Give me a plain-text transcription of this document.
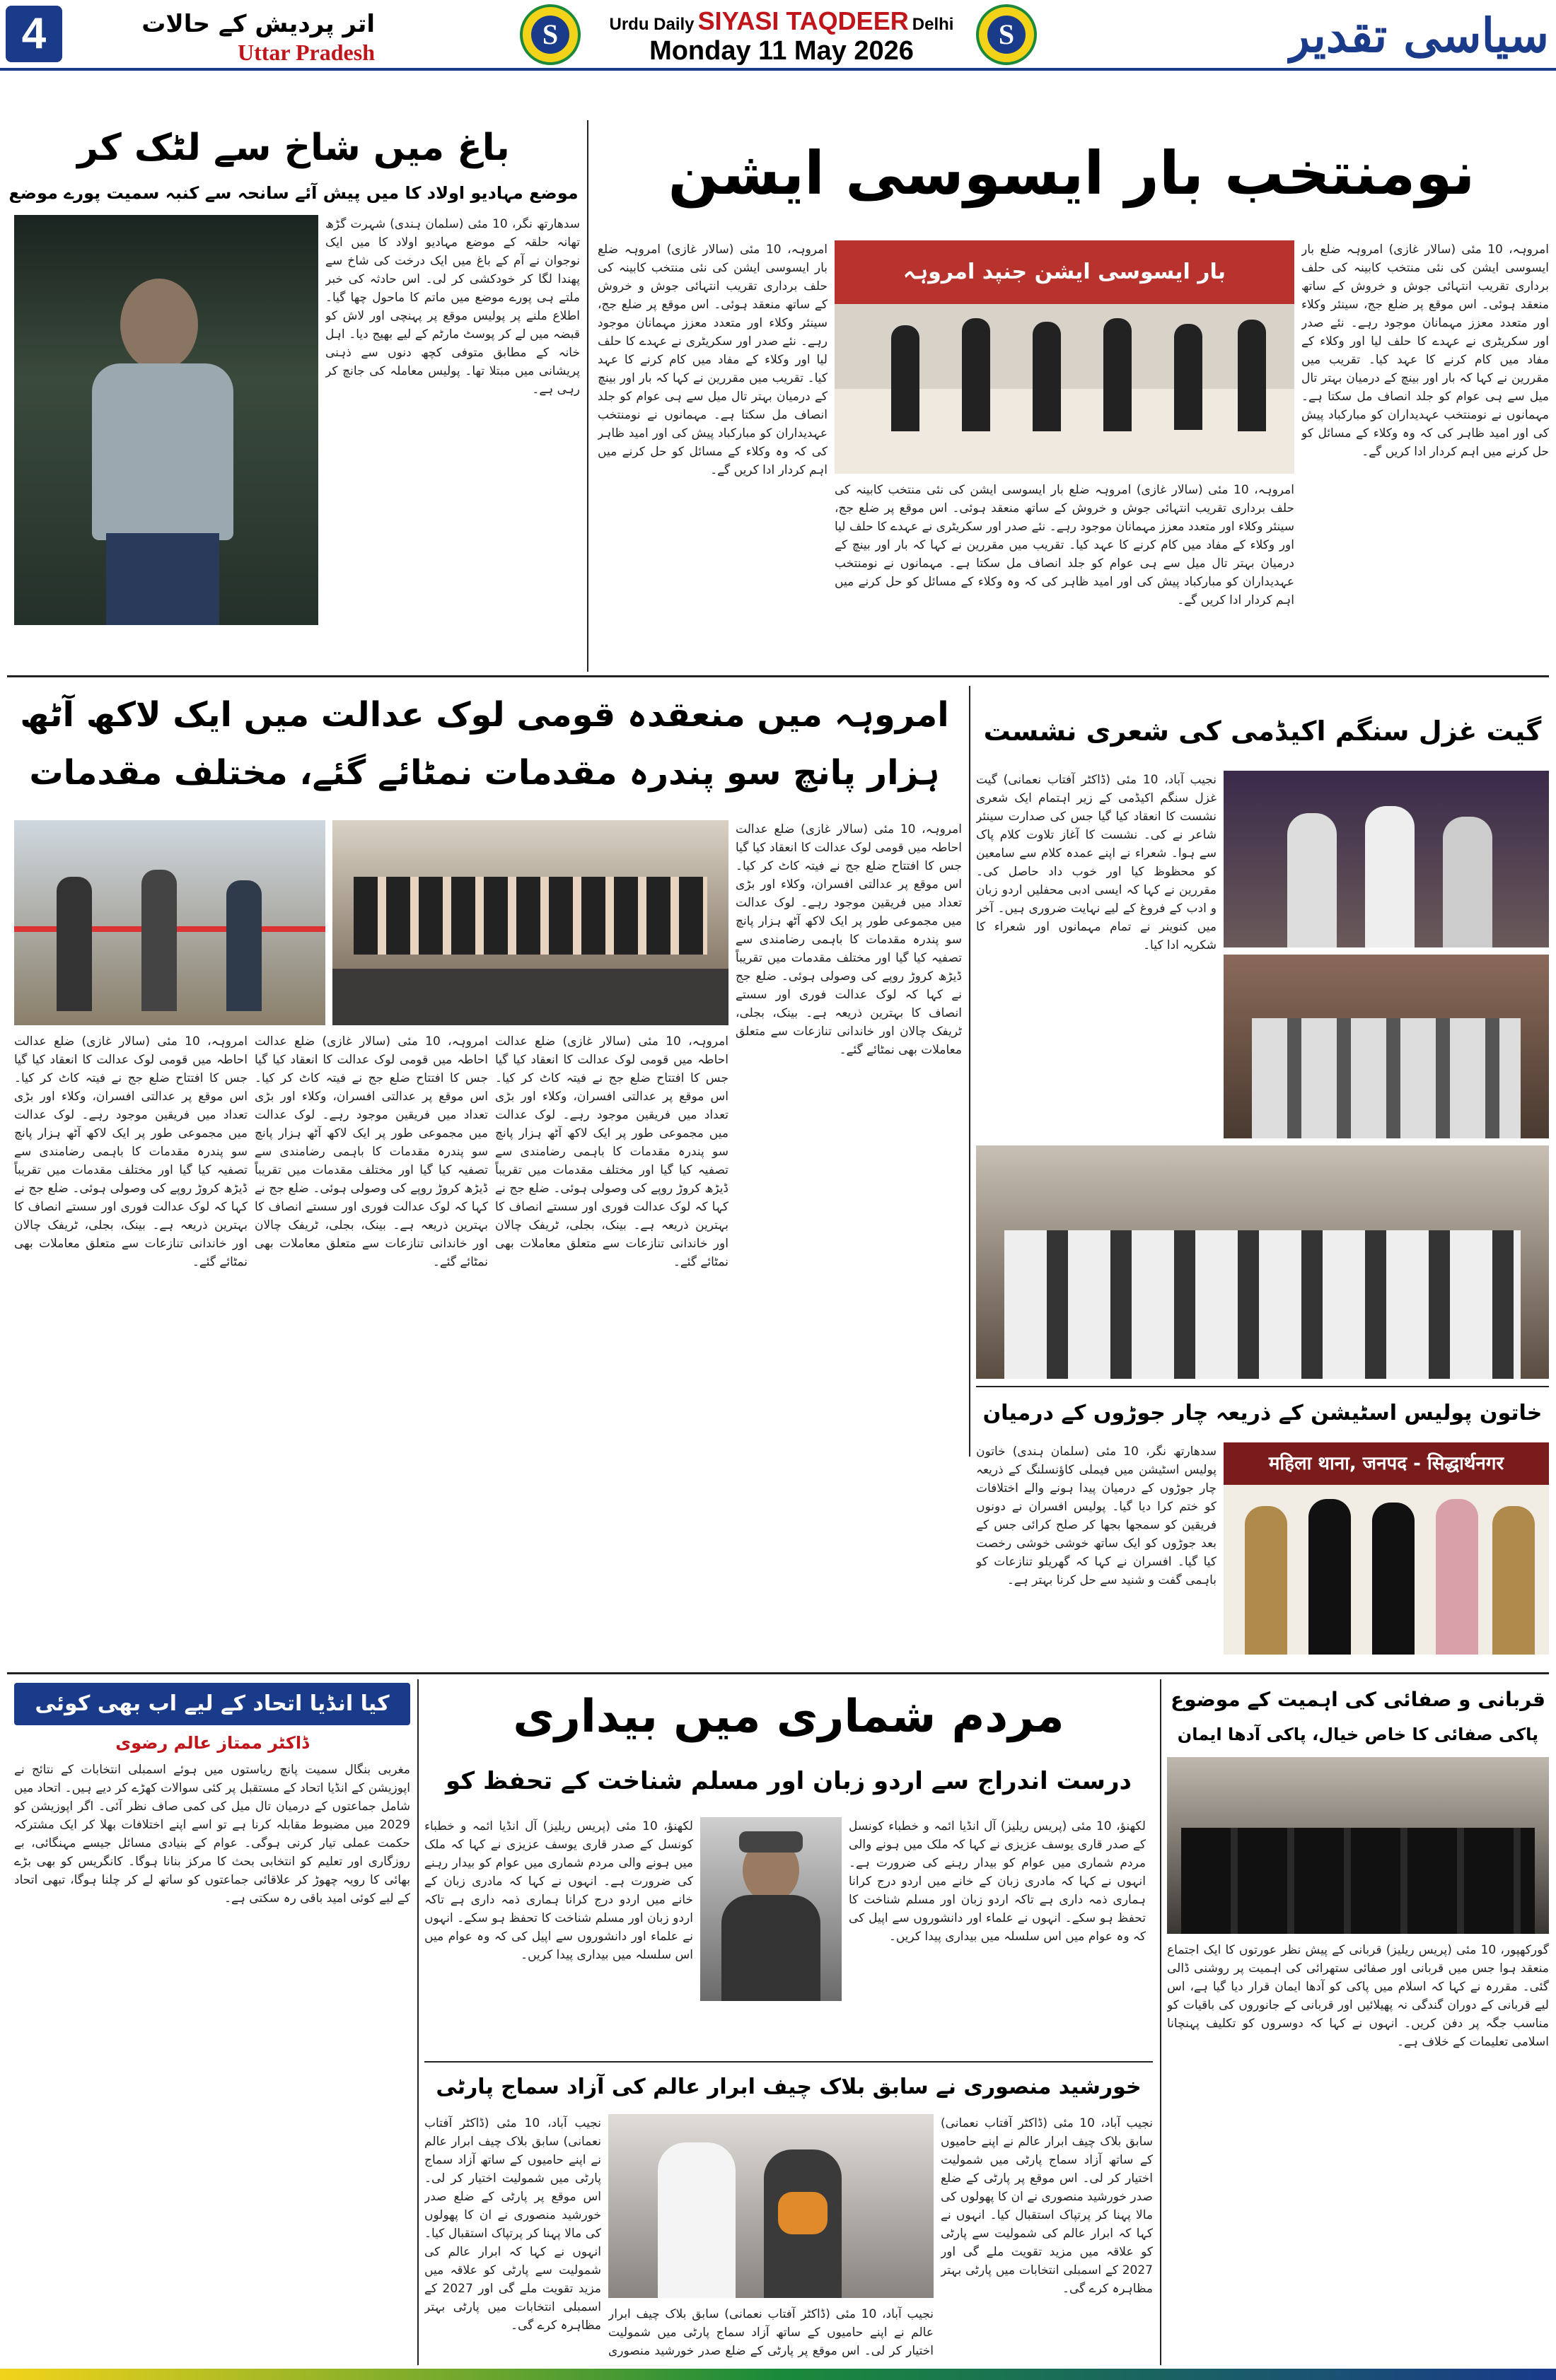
4	اتر پردیش کے حالات
Uttar Pradesh
S	S
Urdu Daily SIYASI TAQDEER Delhi
Monday 11 May 2026	سیاسی تقدیر
نومنتخب بار ایسوسی ایشن
باغ میں شاخ سے لٹک کر
موضع مہادیو اولاد کا میں پیش آئے سانحہ سے کنبہ سمیت پورے موضع
سدھارتھ نگر، 10 مئی (سلمان ہندی) شہرت گڑھ تھانہ حلقہ کے موضع مہادیو اولاد کا میں ایک نوجوان نے آم کے باغ میں ایک درخت کی شاخ سے پھندا لگا کر خودکشی کر لی۔ اس حادثہ کی خبر ملتے ہی پورے موضع میں ماتم کا ماحول چھا گیا۔ اطلاع ملنے پر پولیس موقع پر پہنچی اور لاش کو قبضہ میں لے کر پوسٹ مارٹم کے لیے بھیج دیا۔ اہل خانہ کے مطابق متوفی کچھ دنوں سے ذہنی پریشانی میں مبتلا تھا۔ پولیس معاملہ کی جانچ کر رہی ہے۔
امروہہ، 10 مئی (سالار غازی) امروہہ ضلع بار ایسوسی ایشن کی نئی منتخب کابینہ کی حلف برداری تقریب انتہائی جوش و خروش کے ساتھ منعقد ہوئی۔ اس موقع پر ضلع جج، سینئر وکلاء اور متعدد معزز مہمانان موجود رہے۔ نئے صدر اور سکریٹری نے عہدے کا حلف لیا اور وکلاء کے مفاد میں کام کرنے کا عہد کیا۔ تقریب میں مقررین نے کہا کہ بار اور بینچ کے درمیان بہتر تال میل سے ہی عوام کو جلد انصاف مل سکتا ہے۔ مہمانوں نے نومنتخب عہدیداران کو مبارکباد پیش کی اور امید ظاہر کی کہ وہ وکلاء کے مسائل کو حل کرنے میں اہم کردار ادا کریں گے۔
بار ایسوسی ایشن جنپد امروہہ
امروہہ، 10 مئی (سالار غازی) امروہہ ضلع بار ایسوسی ایشن کی نئی منتخب کابینہ کی حلف برداری تقریب انتہائی جوش و خروش کے ساتھ منعقد ہوئی۔ اس موقع پر ضلع جج، سینئر وکلاء اور متعدد معزز مہمانان موجود رہے۔ نئے صدر اور سکریٹری نے عہدے کا حلف لیا اور وکلاء کے مفاد میں کام کرنے کا عہد کیا۔ تقریب میں مقررین نے کہا کہ بار اور بینچ کے درمیان بہتر تال میل سے ہی عوام کو جلد انصاف مل سکتا ہے۔ مہمانوں نے نومنتخب عہدیداران کو مبارکباد پیش کی اور امید ظاہر کی کہ وہ وکلاء کے مسائل کو حل کرنے میں اہم کردار ادا کریں گے۔
امروہہ، 10 مئی (سالار غازی) امروہہ ضلع بار ایسوسی ایشن کی نئی منتخب کابینہ کی حلف برداری تقریب انتہائی جوش و خروش کے ساتھ منعقد ہوئی۔ اس موقع پر ضلع جج، سینئر وکلاء اور متعدد معزز مہمانان موجود رہے۔ نئے صدر اور سکریٹری نے عہدے کا حلف لیا اور وکلاء کے مفاد میں کام کرنے کا عہد کیا۔ تقریب میں مقررین نے کہا کہ بار اور بینچ کے درمیان بہتر تال میل سے ہی عوام کو جلد انصاف مل سکتا ہے۔ مہمانوں نے نومنتخب عہدیداران کو مبارکباد پیش کی اور امید ظاہر کی کہ وہ وکلاء کے مسائل کو حل کرنے میں اہم کردار ادا کریں گے۔
امروہہ میں منعقدہ قومی لوک عدالت میں ایک لاکھ آٹھ ہزار پانچ سو پندرہ مقدمات نمٹائے گئے، مختلف مقدمات
امروہہ، 10 مئی (سالار غازی) ضلع عدالت احاطہ میں قومی لوک عدالت کا انعقاد کیا گیا جس کا افتتاح ضلع جج نے فیتہ کاٹ کر کیا۔ اس موقع پر عدالتی افسران، وکلاء اور بڑی تعداد میں فریقین موجود رہے۔ لوک عدالت میں مجموعی طور پر ایک لاکھ آٹھ ہزار پانچ سو پندرہ مقدمات کا باہمی رضامندی سے تصفیہ کیا گیا اور مختلف مقدمات میں تقریباً ڈیڑھ کروڑ روپے کی وصولی ہوئی۔ ضلع جج نے کہا کہ لوک عدالت فوری اور سستے انصاف کا بہترین ذریعہ ہے۔ بینک، بجلی، ٹریفک چالان اور خاندانی تنازعات سے متعلق معاملات بھی نمٹائے گئے۔
امروہہ، 10 مئی (سالار غازی) ضلع عدالت احاطہ میں قومی لوک عدالت کا انعقاد کیا گیا جس کا افتتاح ضلع جج نے فیتہ کاٹ کر کیا۔ اس موقع پر عدالتی افسران، وکلاء اور بڑی تعداد میں فریقین موجود رہے۔ لوک عدالت میں مجموعی طور پر ایک لاکھ آٹھ ہزار پانچ سو پندرہ مقدمات کا باہمی رضامندی سے تصفیہ کیا گیا اور مختلف مقدمات میں تقریباً ڈیڑھ کروڑ روپے کی وصولی ہوئی۔ ضلع جج نے کہا کہ لوک عدالت فوری اور سستے انصاف کا بہترین ذریعہ ہے۔ بینک، بجلی، ٹریفک چالان اور خاندانی تنازعات سے متعلق معاملات بھی نمٹائے گئے۔
امروہہ، 10 مئی (سالار غازی) ضلع عدالت احاطہ میں قومی لوک عدالت کا انعقاد کیا گیا جس کا افتتاح ضلع جج نے فیتہ کاٹ کر کیا۔ اس موقع پر عدالتی افسران، وکلاء اور بڑی تعداد میں فریقین موجود رہے۔ لوک عدالت میں مجموعی طور پر ایک لاکھ آٹھ ہزار پانچ سو پندرہ مقدمات کا باہمی رضامندی سے تصفیہ کیا گیا اور مختلف مقدمات میں تقریباً ڈیڑھ کروڑ روپے کی وصولی ہوئی۔ ضلع جج نے کہا کہ لوک عدالت فوری اور سستے انصاف کا بہترین ذریعہ ہے۔ بینک، بجلی، ٹریفک چالان اور خاندانی تنازعات سے متعلق معاملات بھی نمٹائے گئے۔
امروہہ، 10 مئی (سالار غازی) ضلع عدالت احاطہ میں قومی لوک عدالت کا انعقاد کیا گیا جس کا افتتاح ضلع جج نے فیتہ کاٹ کر کیا۔ اس موقع پر عدالتی افسران، وکلاء اور بڑی تعداد میں فریقین موجود رہے۔ لوک عدالت میں مجموعی طور پر ایک لاکھ آٹھ ہزار پانچ سو پندرہ مقدمات کا باہمی رضامندی سے تصفیہ کیا گیا اور مختلف مقدمات میں تقریباً ڈیڑھ کروڑ روپے کی وصولی ہوئی۔ ضلع جج نے کہا کہ لوک عدالت فوری اور سستے انصاف کا بہترین ذریعہ ہے۔ بینک، بجلی، ٹریفک چالان اور خاندانی تنازعات سے متعلق معاملات بھی نمٹائے گئے۔
گیت غزل سنگم اکیڈمی کی شعری نشست
نجیب آباد، 10 مئی (ڈاکٹر آفتاب نعمانی) گیت غزل سنگم اکیڈمی کے زیر اہتمام ایک شعری نشست کا انعقاد کیا گیا جس کی صدارت سینئر شاعر نے کی۔ نشست کا آغاز تلاوت کلام پاک سے ہوا۔ شعراء نے اپنے عمدہ کلام سے سامعین کو محظوظ کیا اور خوب داد حاصل کی۔ مقررین نے کہا کہ ایسی ادبی محفلیں اردو زبان و ادب کے فروغ کے لیے نہایت ضروری ہیں۔ آخر میں کنوینر نے تمام مہمانوں اور شعراء کا شکریہ ادا کیا۔
خاتون پولیس اسٹیشن کے ذریعہ چار جوڑوں کے درمیان
महिला थाना, जनपद - सिद्धार्थनगर
سدھارتھ نگر، 10 مئی (سلمان ہندی) خاتون پولیس اسٹیشن میں فیملی کاؤنسلنگ کے ذریعہ چار جوڑوں کے درمیان پیدا ہونے والے اختلافات کو ختم کرا دیا گیا۔ پولیس افسران نے دونوں فریقین کو سمجھا بجھا کر صلح کرائی جس کے بعد جوڑوں کو ایک ساتھ خوشی خوشی رخصت کیا گیا۔ افسران نے کہا کہ گھریلو تنازعات کو باہمی گفت و شنید سے حل کرنا بہتر ہے۔
کیا انڈیا اتحاد کے لیے اب بھی کوئی
ڈاکٹر ممتاز عالم رضوی
مغربی بنگال سمیت پانچ ریاستوں میں ہوئے اسمبلی انتخابات کے نتائج نے اپوزیشن کے انڈیا اتحاد کے مستقبل پر کئی سوالات کھڑے کر دیے ہیں۔ اتحاد میں شامل جماعتوں کے درمیان تال میل کی کمی صاف نظر آئی۔ اگر اپوزیشن کو 2029 میں مضبوط مقابلہ کرنا ہے تو اسے اپنے اختلافات بھلا کر ایک مشترکہ حکمت عملی تیار کرنی ہوگی۔ عوام کے بنیادی مسائل جیسے مہنگائی، بے روزگاری اور تعلیم کو انتخابی بحث کا مرکز بنانا ہوگا۔ کانگریس کو بھی بڑے بھائی کا رویہ چھوڑ کر علاقائی جماعتوں کو ساتھ لے کر چلنا ہوگا، تبھی اتحاد کے لیے کوئی امید باقی رہ سکتی ہے۔
مردم شماری میں بیداری
درست اندراج سے اردو زبان اور مسلم شناخت کے تحفظ کو
لکھنؤ، 10 مئی (پریس ریلیز) آل انڈیا ائمہ و خطباء کونسل کے صدر قاری یوسف عزیزی نے کہا کہ ملک میں ہونے والی مردم شماری میں عوام کو بیدار رہنے کی ضرورت ہے۔ انہوں نے کہا کہ مادری زبان کے خانے میں اردو درج کرانا ہماری ذمہ داری ہے تاکہ اردو زبان اور مسلم شناخت کا تحفظ ہو سکے۔ انہوں نے علماء اور دانشوروں سے اپیل کی کہ وہ عوام میں اس سلسلہ میں بیداری پیدا کریں۔
لکھنؤ، 10 مئی (پریس ریلیز) آل انڈیا ائمہ و خطباء کونسل کے صدر قاری یوسف عزیزی نے کہا کہ ملک میں ہونے والی مردم شماری میں عوام کو بیدار رہنے کی ضرورت ہے۔ انہوں نے کہا کہ مادری زبان کے خانے میں اردو درج کرانا ہماری ذمہ داری ہے تاکہ اردو زبان اور مسلم شناخت کا تحفظ ہو سکے۔ انہوں نے علماء اور دانشوروں سے اپیل کی کہ وہ عوام میں اس سلسلہ میں بیداری پیدا کریں۔
خورشید منصوری نے سابق بلاک چیف ابرار عالم کی آزاد سماج پارٹی
نجیب آباد، 10 مئی (ڈاکٹر آفتاب نعمانی) سابق بلاک چیف ابرار عالم نے اپنے حامیوں کے ساتھ آزاد سماج پارٹی میں شمولیت اختیار کر لی۔ اس موقع پر پارٹی کے ضلع صدر خورشید منصوری نے ان کا پھولوں کی مالا پہنا کر پرتپاک استقبال کیا۔ انہوں نے کہا کہ ابرار عالم کی شمولیت سے پارٹی کو علاقہ میں مزید تقویت ملے گی اور 2027 کے اسمبلی انتخابات میں پارٹی بہتر مظاہرہ کرے گی۔
نجیب آباد، 10 مئی (ڈاکٹر آفتاب نعمانی) سابق بلاک چیف ابرار عالم نے اپنے حامیوں کے ساتھ آزاد سماج پارٹی میں شمولیت اختیار کر لی۔ اس موقع پر پارٹی کے ضلع صدر خورشید منصوری نے ان کا پھولوں کی مالا پہنا کر پرتپاک استقبال کیا۔ انہوں نے کہا کہ ابرار عالم کی شمولیت سے پارٹی کو علاقہ میں مزید تقویت ملے گی اور 2027 کے اسمبلی انتخابات میں پارٹی بہتر مظاہرہ کرے گی۔
نجیب آباد، 10 مئی (ڈاکٹر آفتاب نعمانی) سابق بلاک چیف ابرار عالم نے اپنے حامیوں کے ساتھ آزاد سماج پارٹی میں شمولیت اختیار کر لی۔ اس موقع پر پارٹی کے ضلع صدر خورشید منصوری
قربانی و صفائی کی اہمیت کے موضوع
پاکی صفائی کا خاص خیال، پاکی آدھا ایمان
گورکھپور، 10 مئی (پریس ریلیز) قربانی کے پیش نظر عورتوں کا ایک اجتماع منعقد ہوا جس میں قربانی اور صفائی ستھرائی کی اہمیت پر روشنی ڈالی گئی۔ مقررہ نے کہا کہ اسلام میں پاکی کو آدھا ایمان قرار دیا گیا ہے، اس لیے قربانی کے دوران گندگی نہ پھیلائیں اور قربانی کے جانوروں کی باقیات کو مناسب جگہ پر دفن کریں۔ انہوں نے کہا کہ دوسروں کو تکلیف پہنچانا اسلامی تعلیمات کے خلاف ہے۔
